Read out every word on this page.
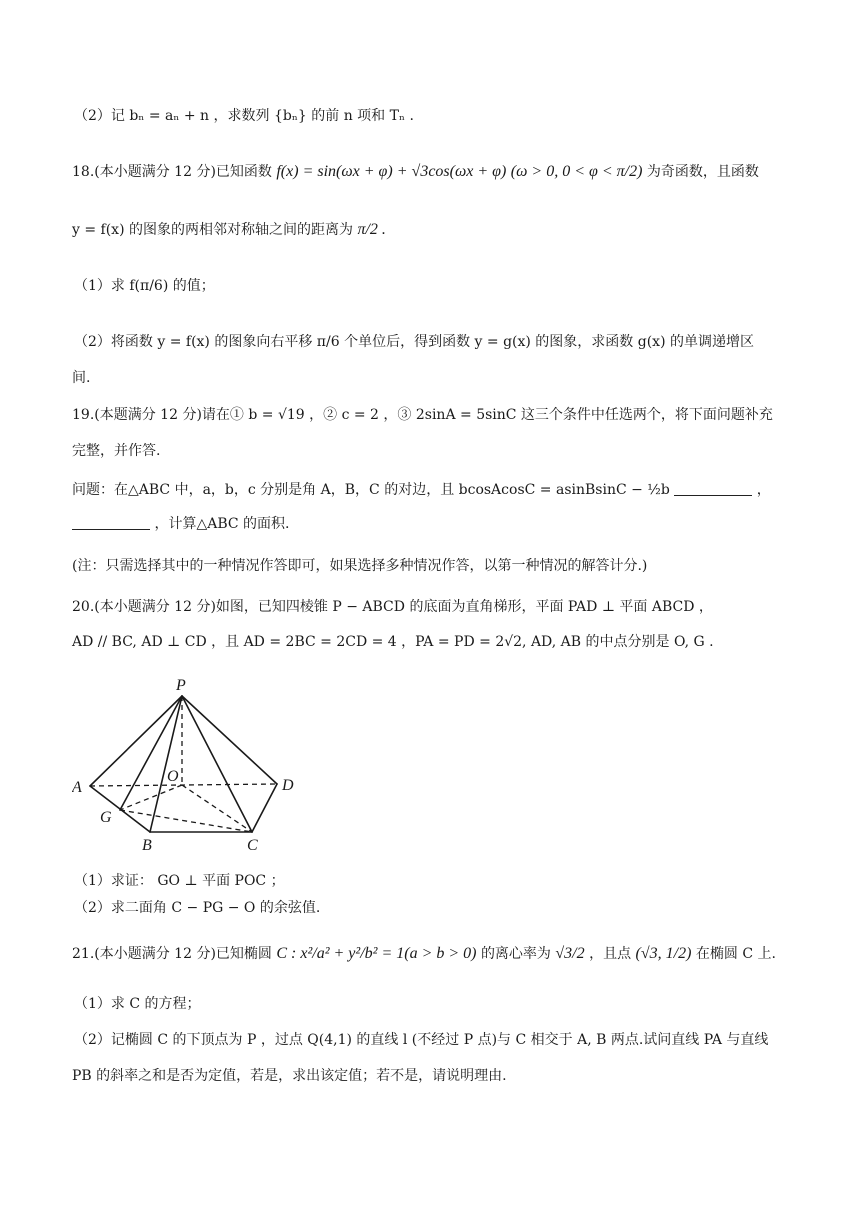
（2）记 bₙ = aₙ + n ，求数列 {bₙ} 的前 n 项和 Tₙ .
18.(本小题满分 12 分)已知函数 f(x) = sin(ωx + φ) + √3cos(ωx + φ) (ω > 0, 0 < φ < π/2) 为奇函数，且函数
y = f(x) 的图象的两相邻对称轴之间的距离为 π/2 .
（1）求 f(π/6) 的值；
（2）将函数 y = f(x) 的图象向右平移 π/6 个单位后，得到函数 y = g(x) 的图象，求函数 g(x) 的单调递增区
间.
19.(本题满分 12 分)请在① b = √19 ，② c = 2 ，③ 2sinA = 5sinC 这三个条件中任选两个，将下面问题补充
完整，并作答.
问题：在△ABC 中，a，b，c 分别是角 A，B，C 的对边，且 bcosAcosC = asinBsinC − ½b	，
，计算△ABC 的面积.
(注：只需选择其中的一种情况作答即可，如果选择多种情况作答，以第一种情况的解答计分.)
20.(本小题满分 12 分)如图，已知四棱锥 P − ABCD 的底面为直角梯形，平面 PAD ⊥ 平面 ABCD ，
AD // BC, AD ⊥ CD ，且 AD = 2BC = 2CD = 4 ，PA = PD = 2√2, AD, AB 的中点分别是 O, G .
P
A
O
D
G
B	C
（1）求证： GO ⊥ 平面 POC ；
（2）求二面角 C − PG − O 的余弦值.
21.(本小题满分 12 分)已知椭圆 C : x²/a² + y²/b² = 1(a > b > 0) 的离心率为 √3/2 ，且点 (√3, 1/2) 在椭圆 C 上.
（1）求 C 的方程；
（2）记椭圆 C 的下顶点为 P ，过点 Q(4,1) 的直线 l (不经过 P 点)与 C 相交于 A, B 两点.试问直线 PA 与直线
PB 的斜率之和是否为定值，若是，求出该定值；若不是，请说明理由.
